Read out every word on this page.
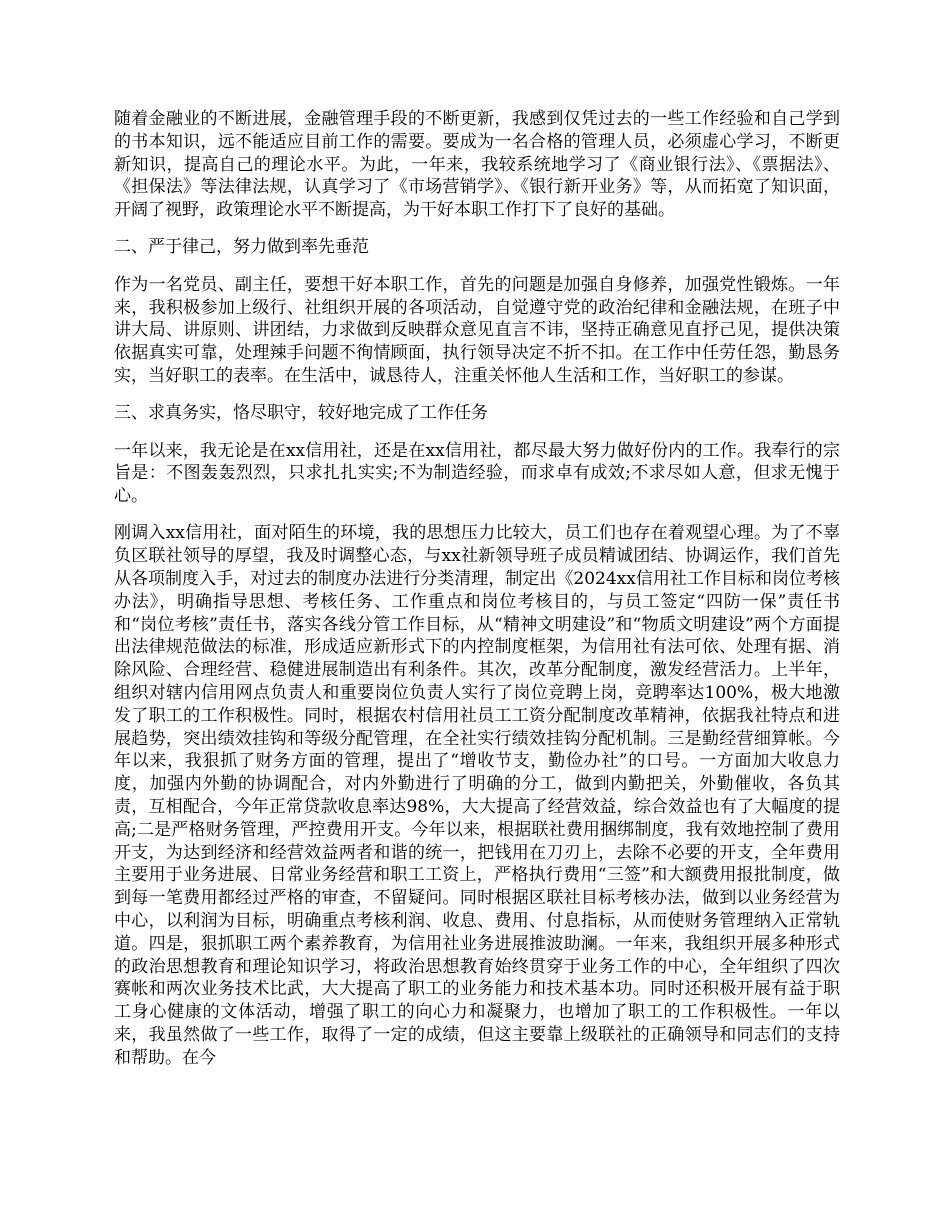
随着金融业的不断进展，金融管理手段的不断更新，我感到仅凭过去的一些工作经验和自己学到的书本知识，远不能适应目前工作的需要。要成为一名合格的管理人员，必须虚心学习，不断更新知识，提高自己的理论水平。为此，一年来，我较系统地学习了《商业银行法》、《票据法》、《担保法》等法律法规，认真学习了《市场营销学》、《银行新开业务》等，从而拓宽了知识面，开阔了视野，政策理论水平不断提高，为干好本职工作打下了良好的基础。

二、严于律己，努力做到率先垂范

作为一名党员、副主任，要想干好本职工作，首先的问题是加强自身修养，加强党性锻炼。一年来，我积极参加上级行、社组织开展的各项活动，自觉遵守党的政治纪律和金融法规，在班子中讲大局、讲原则、讲团结，力求做到反映群众意见直言不讳，坚持正确意见直抒己见，提供决策依据真实可靠，处理辣手问题不徇情顾面，执行领导决定不折不扣。在工作中任劳任怨，勤恳务实，当好职工的表率。在生活中，诚恳待人，注重关怀他人生活和工作，当好职工的参谋。

三、求真务实，恪尽职守，较好地完成了工作任务

一年以来，我无论是在xx信用社，还是在xx信用社，都尽最大努力做好份内的工作。我奉行的宗旨是：不图轰轰烈烈，只求扎扎实实;不为制造经验，而求卓有成效;不求尽如人意，但求无愧于心。

刚调入xx信用社，面对陌生的环境，我的思想压力比较大，员工们也存在着观望心理。为了不辜负区联社领导的厚望，我及时调整心态，与xx社新领导班子成员精诚团结、协调运作，我们首先从各项制度入手，对过去的制度办法进行分类清理，制定出《2024xx信用社工作目标和岗位考核办法》，明确指导思想、考核任务、工作重点和岗位考核目的，与员工签定“四防一保”责任书和“岗位考核”责任书，落实各线分管工作目标，从“精神文明建设”和“物质文明建设”两个方面提出法律规范做法的标准，形成适应新形式下的内控制度框架，为信用社有法可依、处理有据、消除风险、合理经营、稳健进展制造出有利条件。其次，改革分配制度，激发经营活力。上半年，组织对辖内信用网点负责人和重要岗位负责人实行了岗位竞聘上岗，竞聘率达100%，极大地激发了职工的工作积极性。同时，根据农村信用社员工工资分配制度改革精神，依据我社特点和进展趋势，突出绩效挂钩和等级分配管理，在全社实行绩效挂钩分配机制。三是勤经营细算帐。今年以来，我狠抓了财务方面的管理，提出了“增收节支，勤俭办社”的口号。一方面加大收息力度，加强内外勤的协调配合，对内外勤进行了明确的分工，做到内勤把关，外勤催收，各负其责，互相配合，今年正常贷款收息率达98%，大大提高了经营效益，综合效益也有了大幅度的提高;二是严格财务管理，严控费用开支。今年以来，根据联社费用捆绑制度，我有效地控制了费用开支，为达到经济和经营效益两者和谐的统一，把钱用在刀刃上，去除不必要的开支，全年费用主要用于业务进展、日常业务经营和职工工资上，严格执行费用“三签”和大额费用报批制度，做到每一笔费用都经过严格的审查，不留疑问。同时根据区联社目标考核办法，做到以业务经营为中心，以利润为目标，明确重点考核利润、收息、费用、付息指标，从而使财务管理纳入正常轨道。四是，狠抓职工两个素养教育，为信用社业务进展推波助澜。一年来，我组织开展多种形式的政治思想教育和理论知识学习，将政治思想教育始终贯穿于业务工作的中心，全年组织了四次赛帐和两次业务技术比武，大大提高了职工的业务能力和技术基本功。同时还积极开展有益于职工身心健康的文体活动，增强了职工的向心力和凝聚力，也增加了职工的工作积极性。一年以来，我虽然做了一些工作，取得了一定的成绩，但这主要靠上级联社的正确领导和同志们的支持和帮助。在今
